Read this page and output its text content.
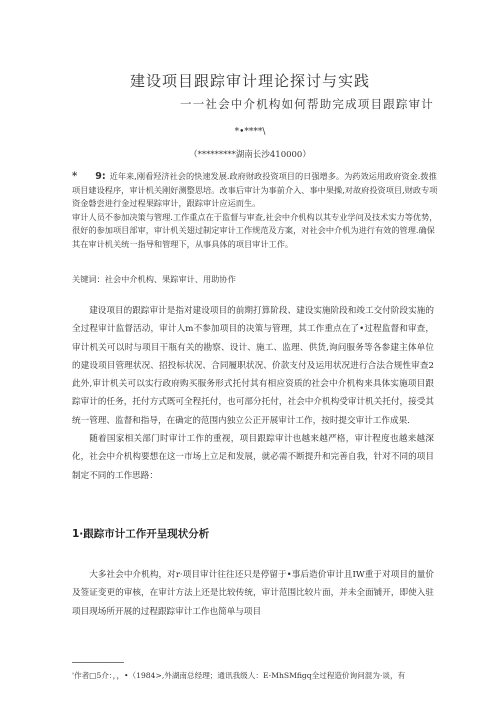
建设项目跟踪审计理论探讨与实践
一一社会中介机构如何帮助完成项目跟踪审计
*•****\
（*********湖南长沙410000）

* 9: 近年来,刚看羟济社会的快速发展.政府财政投资项目的日强增多。为药效运用政府资金.拨推项目建设程序，审计机关刚好测整思培。改事后审计为事前介入、事中果操,对故府投资项目,财政专项资金磐尝进行金过程果踪审计，跟踪审计应运而生。

审计人员不参加决策与管理.工作重点在于监督与审查,社会中介机构以其专业学问及技术实力等优势，很好的参加项目部审，审计机关翅过制定审计工作规范及方案，对社会中介机为进行有效的管理.确保其在审计机关统一指导和管理下，从事具体的项目审计工作。

关键词：社会中介机构、果踪审计、用助协作

建设项目的跟踪审计是指对建设项目的前期打算阶段、建设实施阶段和竣工交付阶段实施的全过程审计监督活动，审计人m不参加项目的决策与管理，其工作重点在了•过程监督和审查，审计机关可以时与项目干瓶有关的勘察、设计、施工、监理、供货,询问服务等各参建主体单位的建设项目管理状况、招投标状况、合同履职状况、价款支付及运用状况进行合法合规性审查2此外,审计机关可以实行政府购买服务形式托付其有相应资质的社会中介机构来具体实施项目跟踪审计的任务，托付方式既可全程托付，也可部分托付，社会中介机构受审计机关托付，接受其统一管理、监督和指导，在确定的范围内独立公正开展审计工作，按时提交审计工作成果.

随着国家相关部门时审计工作的重视，项目跟踪审计也越来越严格，审计程度也越来越深化，社会中介机构要想在这一市场上立足和发展，就必需不断提升和完善自我，针对不同的项目制定不同的工作思路：

1·跟踪市计工作开呈现状分析

大多社会中介机构，对r·项目审计往往还只是停留于•事后造价审计且IW重于对项目的量价及签证变更的审核，在审计方法上还是比较传统，审计范围比较片面，并未全面铺开，即使入驻项目现场所开展的过程跟踪审计工作也简单与项目

'作者□5介：，，•（1984>,外湖南总经理；通讯我级人：E-MhSMfigq全过程造价询问混为·谈，有
